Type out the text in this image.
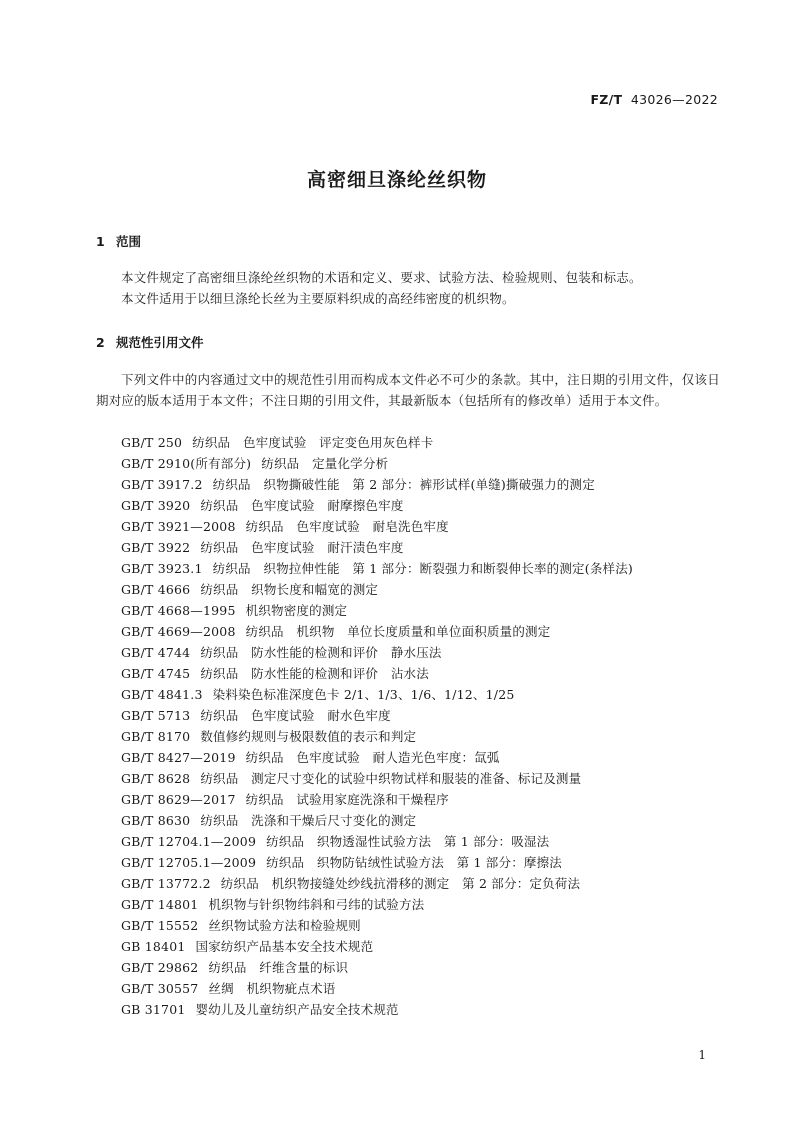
FZ/T 43026—2022
高密细旦涤纶丝织物
1 范围
本文件规定了高密细旦涤纶丝织物的术语和定义、要求、试验方法、检验规则、包装和标志。
本文件适用于以细旦涤纶长丝为主要原料织成的高经纬密度的机织物。
2 规范性引用文件
下列文件中的内容通过文中的规范性引用而构成本文件必不可少的条款。其中，注日期的引用文件，仅该日期对应的版本适用于本文件；不注日期的引用文件，其最新版本（包括所有的修改单）适用于本文件。
GB/T 250 纺织品　色牢度试验　评定变色用灰色样卡
GB/T 2910(所有部分) 纺织品　定量化学分析
GB/T 3917.2 纺织品　织物撕破性能　第 2 部分：裤形试样(单缝)撕破强力的测定
GB/T 3920 纺织品　色牢度试验　耐摩擦色牢度
GB/T 3921—2008 纺织品　色牢度试验　耐皂洗色牢度
GB/T 3922 纺织品　色牢度试验　耐汗渍色牢度
GB/T 3923.1 纺织品　织物拉伸性能　第 1 部分：断裂强力和断裂伸长率的测定(条样法)
GB/T 4666 纺织品　织物长度和幅宽的测定
GB/T 4668—1995 机织物密度的测定
GB/T 4669—2008 纺织品　机织物　单位长度质量和单位面积质量的测定
GB/T 4744 纺织品　防水性能的检测和评价　静水压法
GB/T 4745 纺织品　防水性能的检测和评价　沾水法
GB/T 4841.3 染料染色标准深度色卡 2/1、1/3、1/6、1/12、1/25
GB/T 5713 纺织品　色牢度试验　耐水色牢度
GB/T 8170 数值修约规则与极限数值的表示和判定
GB/T 8427—2019 纺织品　色牢度试验　耐人造光色牢度：氙弧
GB/T 8628 纺织品　测定尺寸变化的试验中织物试样和服装的准备、标记及测量
GB/T 8629—2017 纺织品　试验用家庭洗涤和干燥程序
GB/T 8630 纺织品　洗涤和干燥后尺寸变化的测定
GB/T 12704.1—2009 纺织品　织物透湿性试验方法　第 1 部分：吸湿法
GB/T 12705.1—2009 纺织品　织物防钻绒性试验方法　第 1 部分：摩擦法
GB/T 13772.2 纺织品　机织物接缝处纱线抗滑移的测定　第 2 部分：定负荷法
GB/T 14801 机织物与针织物纬斜和弓纬的试验方法
GB/T 15552 丝织物试验方法和检验规则
GB 18401 国家纺织产品基本安全技术规范
GB/T 29862 纺织品　纤维含量的标识
GB/T 30557 丝绸　机织物疵点术语
GB 31701 婴幼儿及儿童纺织产品安全技术规范
1
